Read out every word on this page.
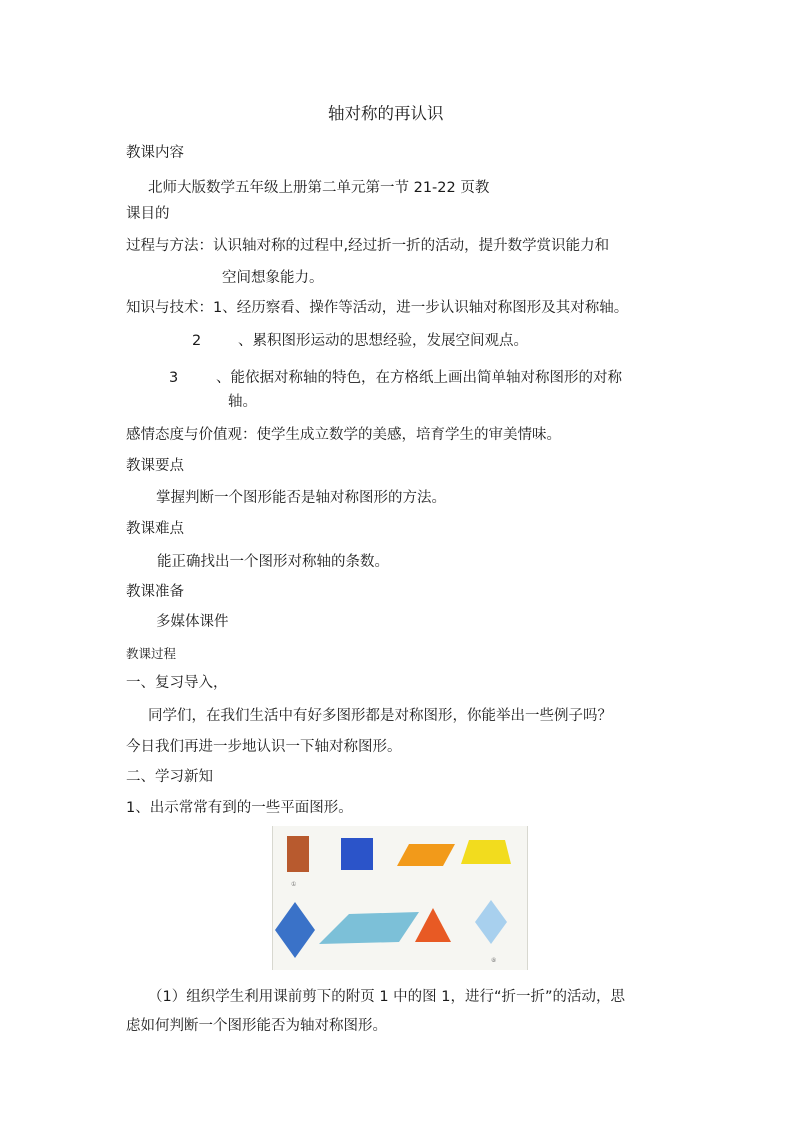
轴对称的再认识
教课内容
北师大版数学五年级上册第二单元第一节 21-22 页教
课目的
过程与方法：认识轴对称的过程中,经过折一折的活动，提升数学赏识能力和
空间想象能力。
知识与技术：1、经历察看、操作等活动，进一步认识轴对称图形及其对称轴。
2	、累积图形运动的思想经验，发展空间观点。
3	、能依据对称轴的特色，在方格纸上画出简单轴对称图形的对称
轴。
感情态度与价值观：使学生成立数学的美感，培育学生的审美情味。
教课要点
掌握判断一个图形能否是轴对称图形的方法。
教课难点
能正确找出一个图形对称轴的条数。
教课准备
多媒体课件
教课过程
一、复习导入，
同学们，在我们生活中有好多图形都是对称图形，你能举出一些例子吗？
今日我们再进一步地认识一下轴对称图形。
二、学习新知
1、出示常常有到的一些平面图形。
①
⑧
（1）组织学生利用课前剪下的附页 1 中的图 1，进行“折一折”的活动，思
虑如何判断一个图形能否为轴对称图形。
